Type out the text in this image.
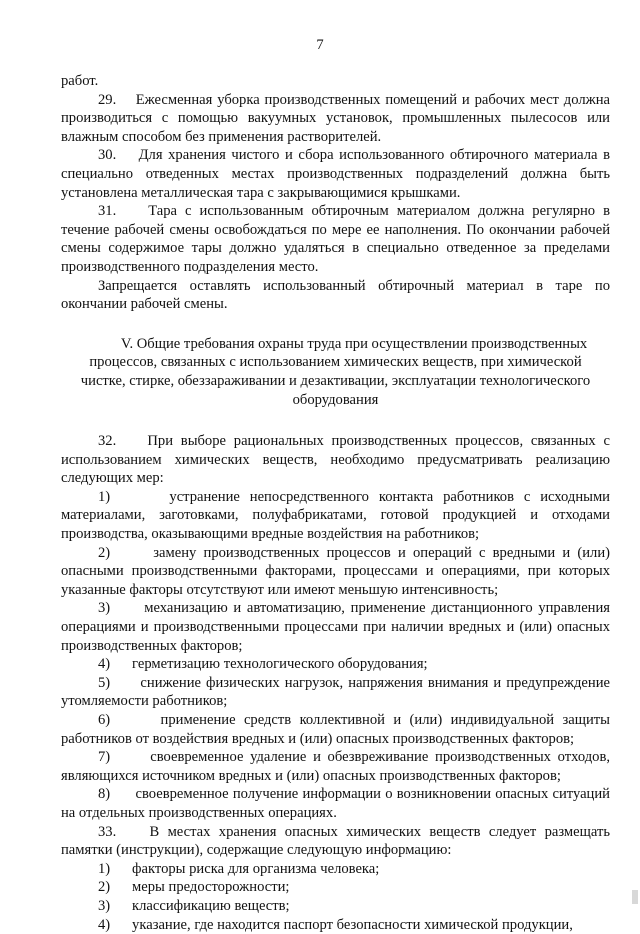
7

работ.

29.    Ежесменная уборка производственных помещений и рабочих мест должна производиться с помощью вакуумных установок, промышленных пылесосов или влажным способом без применения растворителей.

30.    Для хранения чистого и сбора использованного обтирочного материала в специально отведенных местах производственных подразделений должна быть установлена металлическая тара с закрывающимися крышками.

31.    Тара с использованным обтирочным материалом должна регулярно в течение рабочей смены освобождаться по мере ее наполнения. По окончании рабочей смены содержимое тары должно удаляться в специально отведенное за пределами производственного подразделения место.

Запрещается оставлять использованный обтирочный материал в таре по окончании рабочей смены.

V. Общие требования охраны труда при осуществлении производственных процессов, связанных с использованием химических веществ, при химической чистке, стирке, обеззараживании и дезактивации, эксплуатации технологического оборудования

32.    При выборе рациональных производственных процессов, связанных с использованием химических веществ, необходимо предусматривать реализацию следующих мер:

1)      устранение непосредственного контакта работников с исходными материалами, заготовками, полуфабрикатами, готовой продукцией и отходами производства, оказывающими вредные воздействия на работников;

2)      замену производственных процессов и операций с вредными и (или) опасными производственными факторами, процессами и операциями, при которых указанные факторы отсутствуют или имеют меньшую интенсивность;

3)      механизацию и автоматизацию, применение дистанционного управления операциями и производственными процессами при наличии вредных и (или) опасных производственных факторов;

4)      герметизацию технологического оборудования;

5)      снижение физических нагрузок, напряжения внимания и предупреждение утомляемости работников;

6)      применение средств коллективной и (или) индивидуальной защиты работников от воздействия вредных и (или) опасных производственных факторов;

7)      своевременное удаление и обезвреживание производственных отходов, являющихся источником вредных и (или) опасных производственных факторов;

8)      своевременное получение информации о возникновении опасных ситуаций на отдельных производственных операциях.

33.    В местах хранения опасных химических веществ следует размещать памятки (инструкции), содержащие следующую информацию:

1)      факторы риска для организма человека;

2)      меры предосторожности;

3)      классификацию веществ;

4)      указание, где находится паспорт безопасности химической продукции,
